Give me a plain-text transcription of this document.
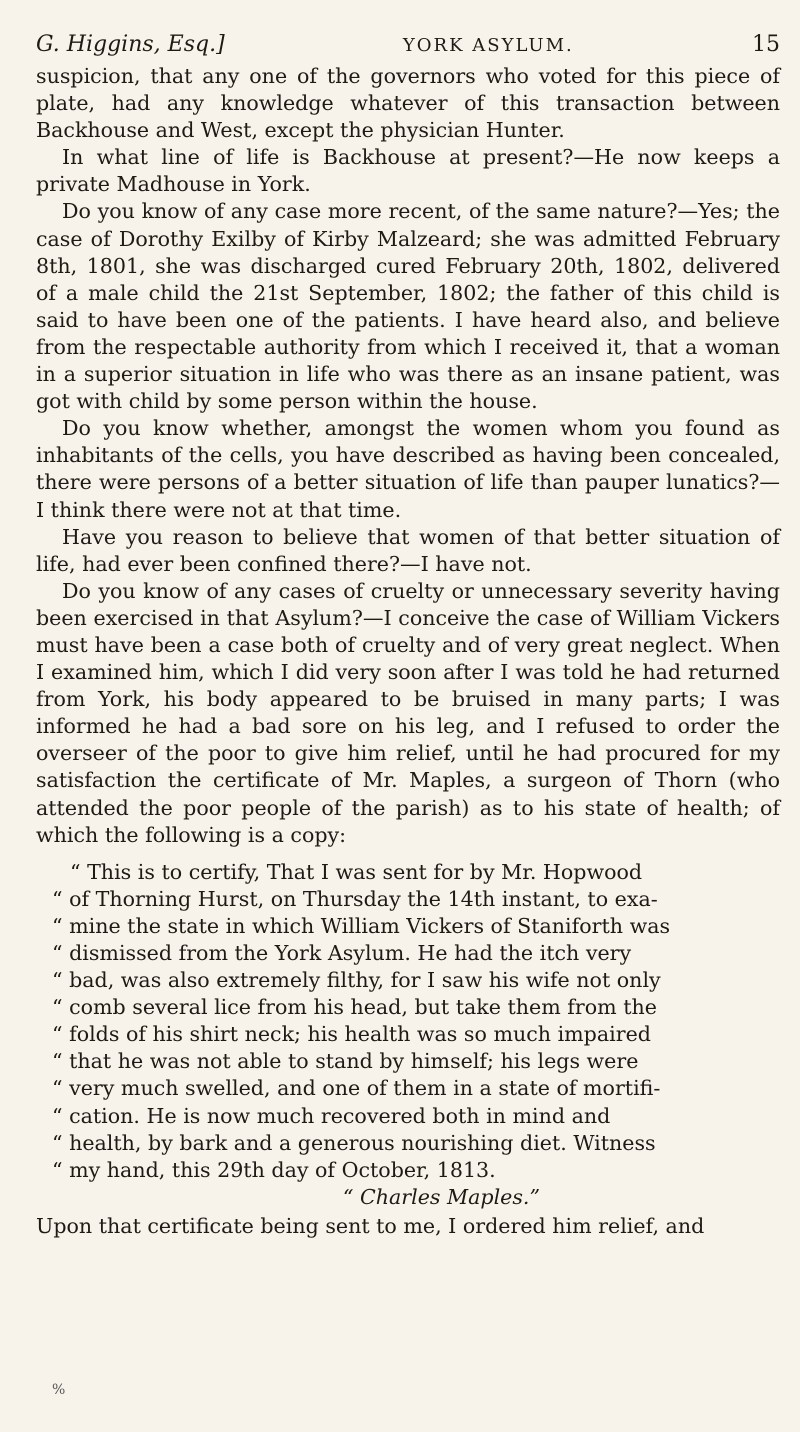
G. Higgins, Esq.]	YORK ASYLUM.	15

suspicion, that any one of the governors who voted for this piece of plate, had any knowledge whatever of this transaction between Backhouse and West, except the physician Hunter.

In what line of life is Backhouse at present?—He now keeps a private Madhouse in York.

Do you know of any case more recent, of the same nature?—Yes; the case of Dorothy Exilby of Kirby Malzeard; she was admitted February 8th, 1801, she was discharged cured February 20th, 1802, delivered of a male child the 21st September, 1802; the father of this child is said to have been one of the patients. I have heard also, and believe from the respectable authority from which I received it, that a woman in a superior situation in life who was there as an insane patient, was got with child by some person within the house.

Do you know whether, amongst the women whom you found as inhabitants of the cells, you have described as having been concealed, there were persons of a better situation of life than pauper lunatics?—I think there were not at that time.

Have you reason to believe that women of that better situation of life, had ever been confined there?—I have not.

Do you know of any cases of cruelty or unnecessary severity having been exercised in that Asylum?—I conceive the case of William Vickers must have been a case both of cruelty and of very great neglect. When I examined him, which I did very soon after I was told he had returned from York, his body appeared to be bruised in many parts; I was informed he had a bad sore on his leg, and I refused to order the overseer of the poor to give him relief, until he had procured for my satisfaction the certificate of Mr. Maples, a surgeon of Thorn (who attended the poor people of the parish) as to his state of health; of which the following is a copy:

“ This is to certify, That I was sent for by Mr. Hopwood

“ of Thorning Hurst, on Thursday the 14th instant, to exa-

“ mine the state in which William Vickers of Staniforth was

“ dismissed from the York Asylum. He had the itch very

“ bad, was also extremely filthy, for I saw his wife not only

“ comb several lice from his head, but take them from the

“ folds of his shirt neck; his health was so much impaired

“ that he was not able to stand by himself; his legs were

“ very much swelled, and one of them in a state of mortifi-

“ cation. He is now much recovered both in mind and

“ health, by bark and a generous nourishing diet. Witness

“ my hand, this 29th day of October, 1813.

“ Charles Maples.”

Upon that certificate being sent to me, I ordered him relief, and

%
